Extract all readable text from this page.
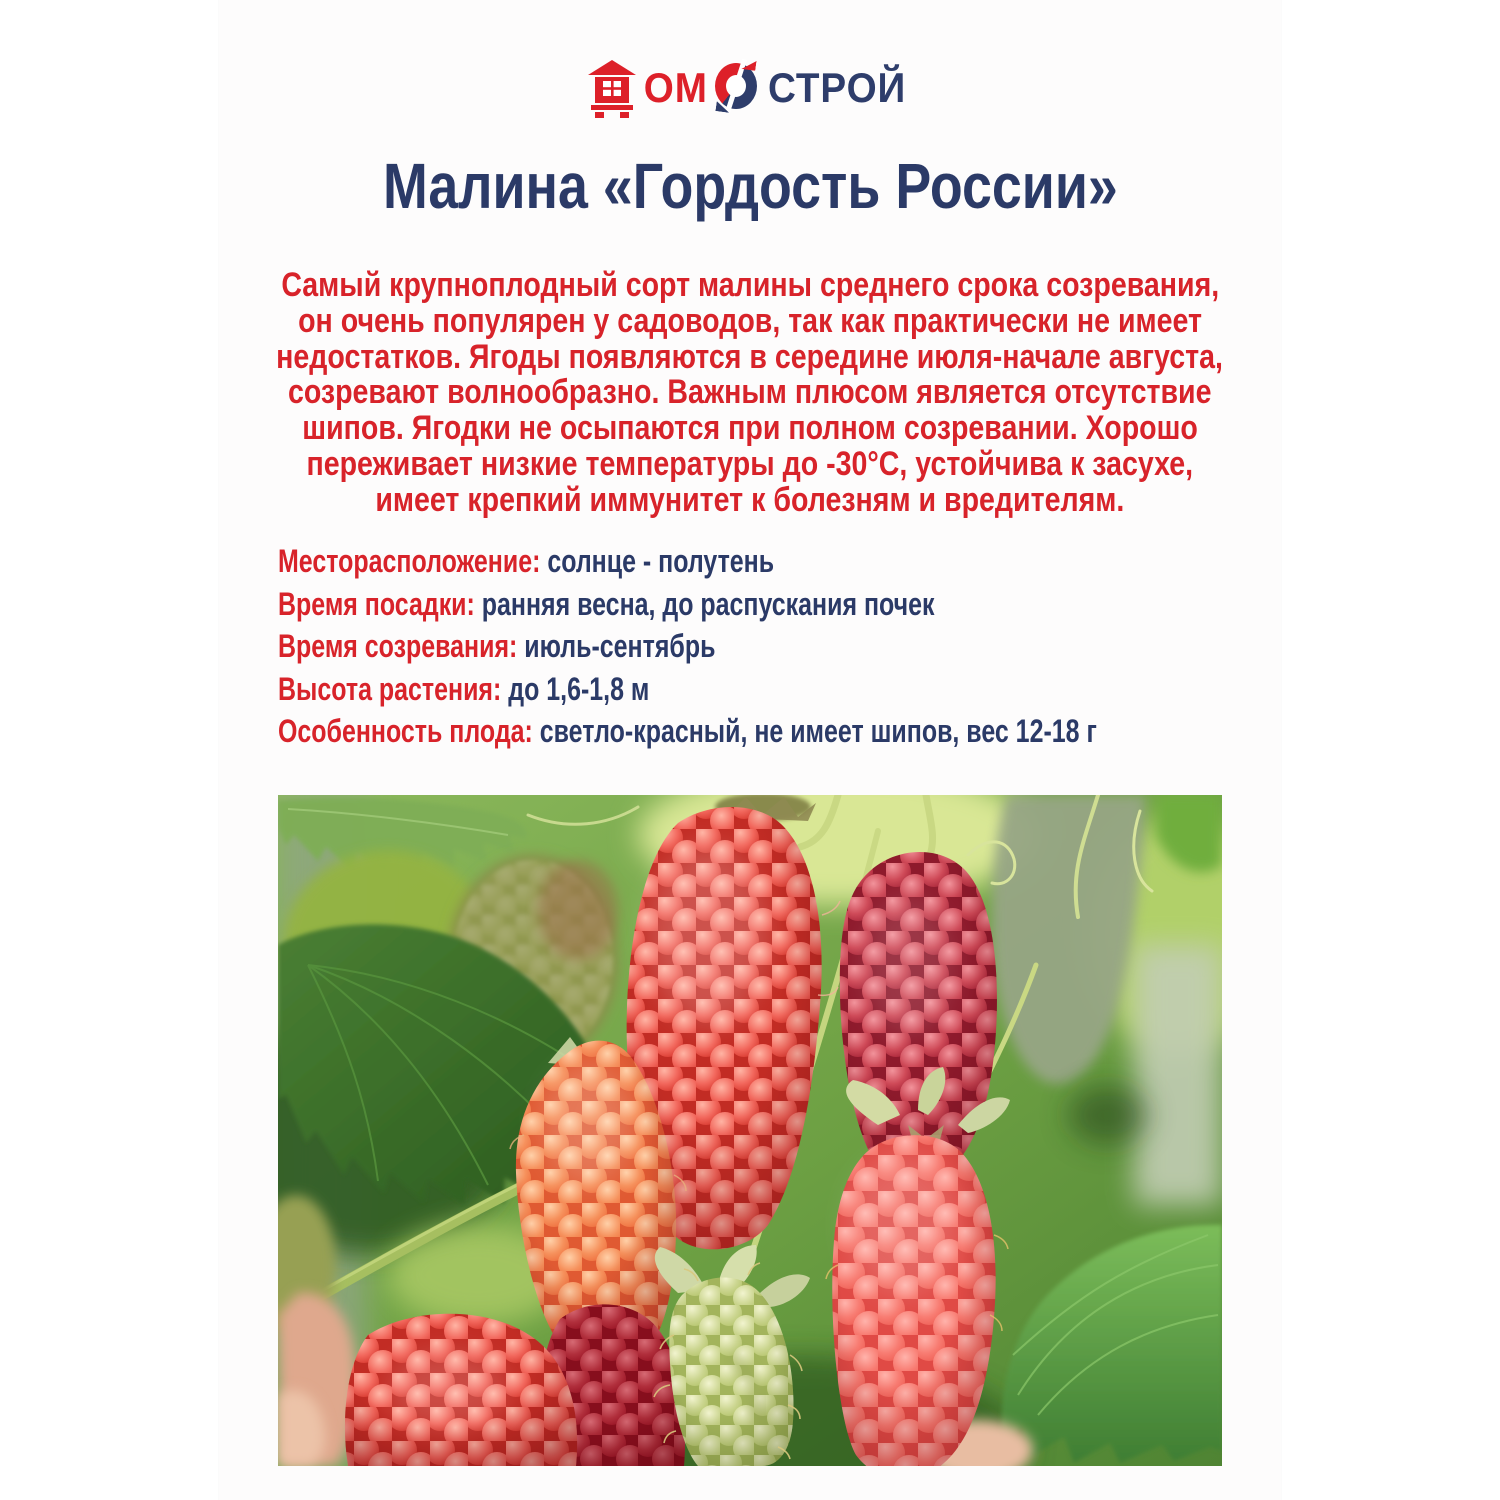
ОМ СТРОЙ
Малина «Гордость России»
Самый крупноплодный сорт малины среднего срока созревания,
он очень популярен у садоводов, так как практически не имеет
недостатков. Ягоды появляются в середине июля-начале августа,
созревают волнообразно. Важным плюсом является отсутствие
шипов. Ягодки не осыпаются при полном созревании. Хорошо
переживает низкие температуры до -30°С, устойчива к засухе,
имеет крепкий иммунитет к болезням и вредителям.
Месторасположение: солнце - полутень
Время посадки: ранняя весна, до распускания почек
Время созревания: июль-сентябрь
Высота растения: до 1,6-1,8 м
Особенность плода: светло-красный, не имеет шипов, вес 12-18 г
